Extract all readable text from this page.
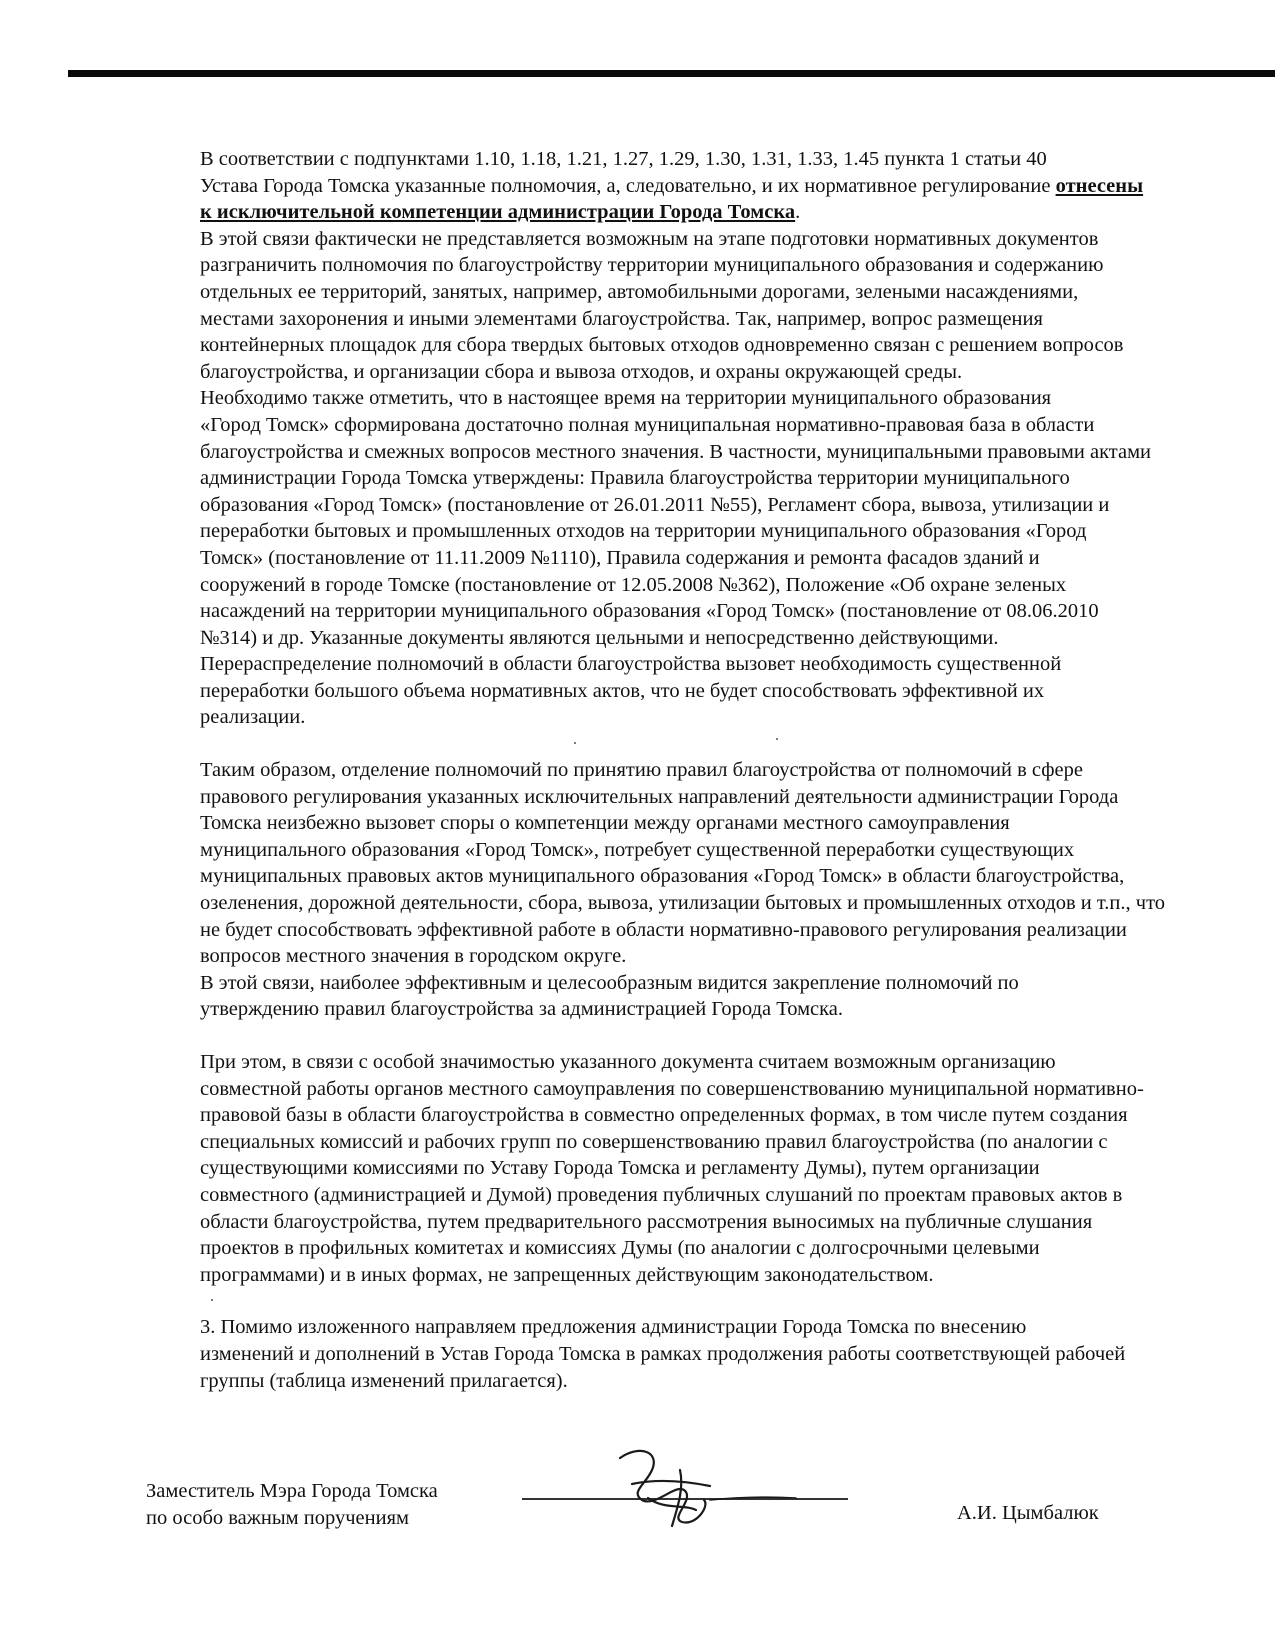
В соответствии с подпунктами 1.10, 1.18, 1.21, 1.27, 1.29, 1.30, 1.31, 1.33, 1.45 пункта 1 статьи 40
Устава Города Томска указанные полномочия, а, следовательно, и их нормативное регулирование отнесены
к исключительной компетенции администрации Города Томска.

В этой связи фактически не представляется возможным на этапе подготовки нормативных документов
разграничить полномочия по благоустройству территории муниципального образования и содержанию
отдельных ее территорий, занятых, например, автомобильными дорогами, зелеными насаждениями,
местами захоронения и иными элементами благоустройства. Так, например, вопрос размещения
контейнерных площадок для сбора твердых бытовых отходов одновременно связан с решением вопросов
благоустройства, и организации сбора и вывоза отходов, и охраны окружающей среды.

Необходимо также отметить, что в настоящее время на территории муниципального образования
«Город Томск» сформирована достаточно полная муниципальная нормативно-правовая база в области
благоустройства и смежных вопросов местного значения. В частности, муниципальными правовыми актами
администрации Города Томска утверждены: Правила благоустройства территории муниципального
образования «Город Томск» (постановление от 26.01.2011 №55), Регламент сбора, вывоза, утилизации и
переработки бытовых и промышленных отходов на территории муниципального образования «Город
Томск» (постановление от 11.11.2009 №1110), Правила содержания и ремонта фасадов зданий и
сооружений в городе Томске (постановление от 12.05.2008 №362), Положение «Об охране зеленых
насаждений на территории муниципального образования «Город Томск» (постановление от 08.06.2010
№314) и др. Указанные документы являются цельными и непосредственно действующими.
Перераспределение полномочий в области благоустройства вызовет необходимость существенной
переработки большого объема нормативных актов, что не будет способствовать эффективной их
реализации.

Таким образом, отделение полномочий по принятию правил благоустройства от полномочий в сфере
правового регулирования указанных исключительных направлений деятельности администрации Города
Томска неизбежно вызовет споры о компетенции между органами местного самоуправления
муниципального образования «Город Томск», потребует существенной переработки существующих
муниципальных правовых актов муниципального образования «Город Томск» в области благоустройства,
озеленения, дорожной деятельности, сбора, вывоза, утилизации бытовых и промышленных отходов и т.п., что
не будет способствовать эффективной работе в области нормативно-правового регулирования реализации
вопросов местного значения в городском округе.

В этой связи, наиболее эффективным и целесообразным видится закрепление полномочий по
утверждению правил благоустройства за администрацией Города Томска.

При этом, в связи с особой значимостью указанного документа считаем возможным организацию
совместной работы органов местного самоуправления по совершенствованию муниципальной нормативно-
правовой базы в области благоустройства в совместно определенных формах, в том числе путем создания
специальных комиссий и рабочих групп по совершенствованию правил благоустройства (по аналогии с
существующими комиссиями по Уставу Города Томска и регламенту Думы), путем организации
совместного (администрацией и Думой) проведения публичных слушаний по проектам правовых актов в
области благоустройства, путем предварительного рассмотрения выносимых на публичные слушания
проектов в профильных комитетах и комиссиях Думы (по аналогии с долгосрочными целевыми
программами) и в иных формах, не запрещенных действующим законодательством.

3. Помимо изложенного направляем предложения администрации Города Томска по внесению
изменений и дополнений в Устав Города Томска в рамках продолжения работы соответствующей рабочей
группы (таблица изменений прилагается).

Заместитель Мэра Города Томска
по особо важным поручениям	А.И. Цымбалюк
